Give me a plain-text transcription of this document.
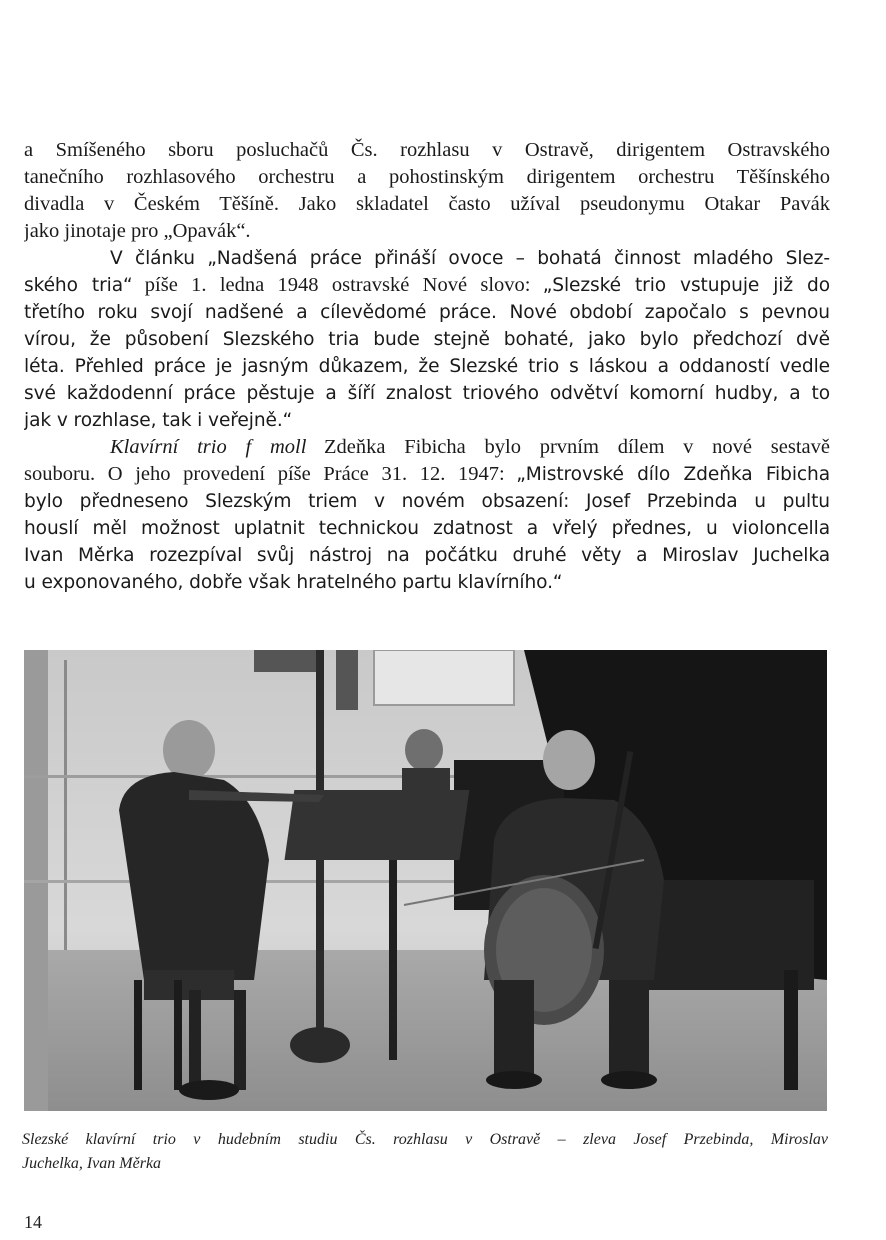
a Smíšeného sboru posluchačů Čs. rozhlasu v Ostravě, dirigentem Ostravského
tanečního rozhlasového orchestru a pohostinským dirigentem orchestru Těšínského
divadla v Českém Těšíně. Jako skladatel často užíval pseudonymu Otakar Pavák
jako jinotaje pro „Opavák“.
V článku „Nadšená práce přináší ovoce – bohatá činnost mladého Slez-
ského tria“ píše 1. ledna 1948 ostravské Nové slovo: „Slezské trio vstupuje již do
třetího roku svojí nadšené a cílevědomé práce. Nové období započalo s pevnou
vírou, že působení Slezského tria bude stejně bohaté, jako bylo předchozí dvě
léta. Přehled práce je jasným důkazem, že Slezské trio s láskou a oddaností vedle
své každodenní práce pěstuje a šíří znalost triového odvětví komorní hudby, a to
jak v rozhlase, tak i veřejně.“
Klavírní trio f moll Zdeňka Fibicha bylo prvním dílem v nové sestavě
souboru. O jeho provedení píše Práce 31. 12. 1947: „Mistrovské dílo Zdeňka Fibicha
bylo předneseno Slezským triem v novém obsazení: Josef Przebinda u pultu
houslí měl možnost uplatnit technickou zdatnost a vřelý přednes, u violoncella
Ivan Měrka rozezpíval svůj nástroj na počátku druhé věty a Miroslav Juchelka
u exponovaného, dobře však hratelného partu klavírního.“
Slezské klavírní trio v hudebním studiu Čs. rozhlasu v Ostravě – zleva Josef Przebinda, Miroslav
Juchelka, Ivan Měrka
14
